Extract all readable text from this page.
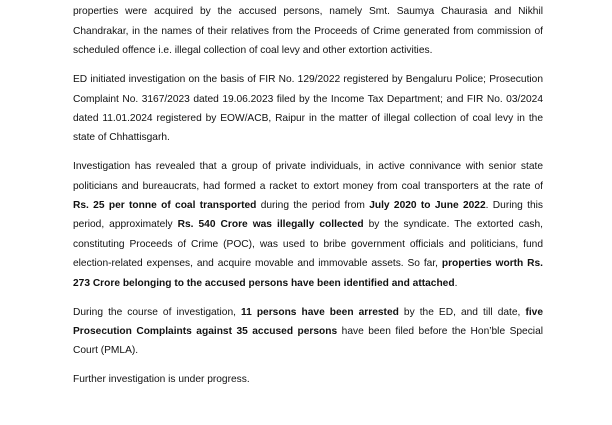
properties were acquired by the accused persons, namely Smt. Saumya Chaurasia and Nikhil Chandrakar, in the names of their relatives from the Proceeds of Crime generated from commission of scheduled offence i.e. illegal collection of coal levy and other extortion activities.

ED initiated investigation on the basis of FIR No. 129/2022 registered by Bengaluru Police; Prosecution Complaint No. 3167/2023 dated 19.06.2023 filed by the Income Tax Department; and FIR No. 03/2024 dated 11.01.2024 registered by EOW/ACB, Raipur in the matter of illegal collection of coal levy in the state of Chhattisgarh.

Investigation has revealed that a group of private individuals, in active connivance with senior state politicians and bureaucrats, had formed a racket to extort money from coal transporters at the rate of Rs. 25 per tonne of coal transported during the period from July 2020 to June 2022. During this period, approximately Rs. 540 Crore was illegally collected by the syndicate. The extorted cash, constituting Proceeds of Crime (POC), was used to bribe government officials and politicians, fund election-related expenses, and acquire movable and immovable assets. So far, properties worth Rs. 273 Crore belonging to the accused persons have been identified and attached.

During the course of investigation, 11 persons have been arrested by the ED, and till date, five Prosecution Complaints against 35 accused persons have been filed before the Hon’ble Special Court (PMLA).

Further investigation is under progress.
